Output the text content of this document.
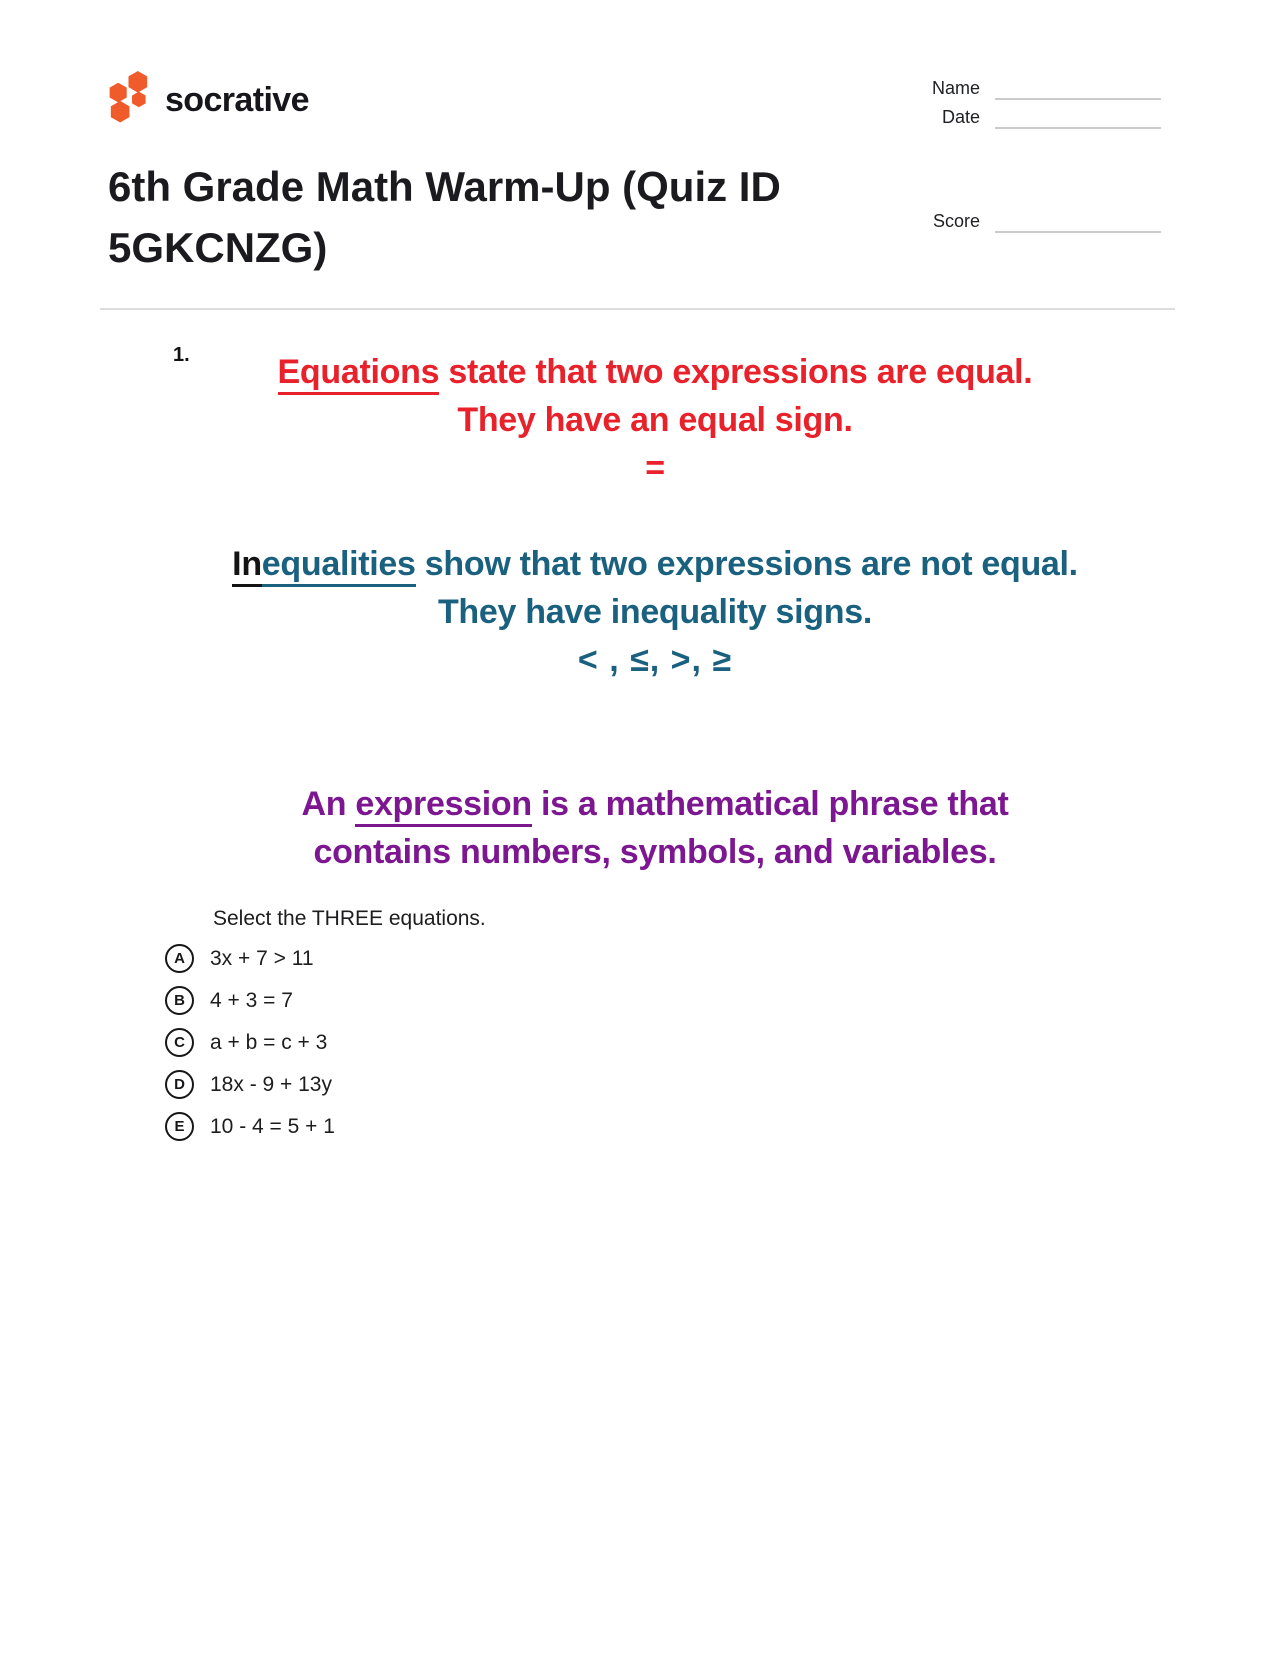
socrative	Name
Date
Score
6th Grade Math Warm-Up (Quiz ID 5GKCNZG)
1.	Equations state that two expressions are equal.
They have an equal sign.
=
Inequalities show that two expressions are not equal.
They have inequality signs.
< , ≤, >, ≥
An expression is a mathematical phrase that
contains numbers, symbols, and variables.
Select the THREE equations.
A	3x + 7 > 11
B	4 + 3 = 7
C	a + b = c + 3
D	18x - 9 + 13y
E	10 - 4 = 5 + 1
